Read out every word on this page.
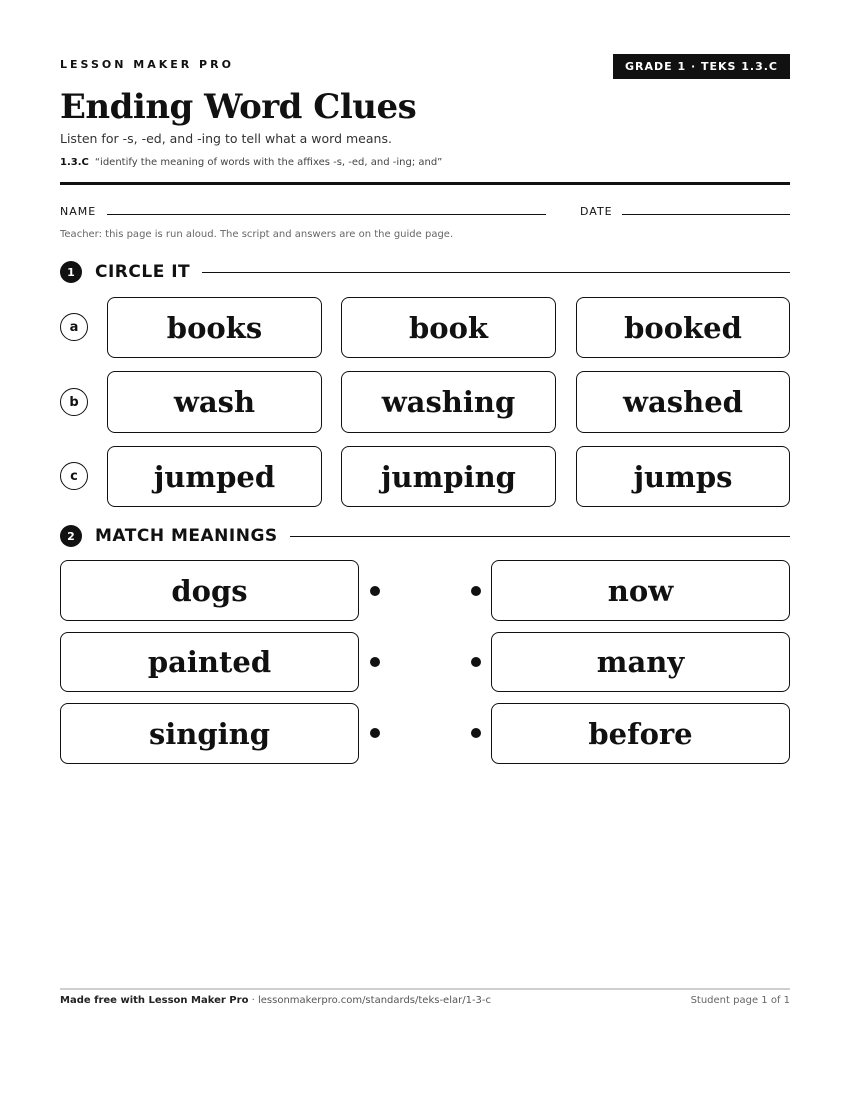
LESSON MAKER PRO	GRADE 1 · TEKS 1.3.C
Ending Word Clues
Listen for -s, -ed, and -ing to tell what a word means.
1.3.C “identify the meaning of words with the affixes -s, -ed, and -ing; and”
NAME	DATE
Teacher: this page is run aloud. The script and answers are on the guide page.
1	CIRCLE IT
a	books	book	booked
b	wash	washing	washed
c	jumped	jumping	jumps
2	MATCH MEANINGS
dogs	now
painted	many
singing	before
Made free with Lesson Maker Pro · lessonmakerpro.com/standards/teks-elar/1-3-c	Student page 1 of 1
